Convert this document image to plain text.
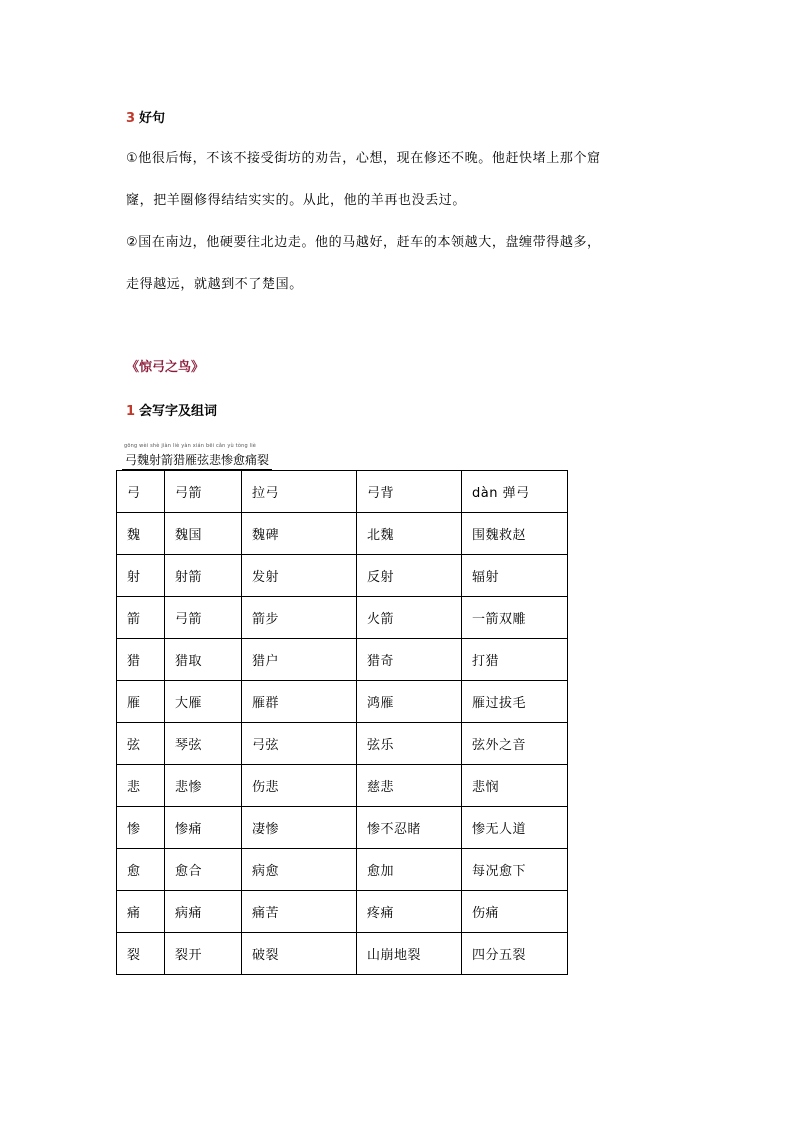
3 好句
①他很后悔，不该不接受街坊的劝告，心想，现在修还不晚。他赶快堵上那个窟
窿，把羊圈修得结结实实的。从此，他的羊再也没丢过。
②国在南边，他硬要往北边走。他的马越好，赶车的本领越大，盘缠带得越多，
走得越远，就越到不了楚国。
《惊弓之鸟》
1 会写字及组词
gōng wèi shè jiàn liè yàn xián bēi cǎn yù tòng liè
弓魏射箭猎雁弦悲惨愈痛裂
弓	弓箭	拉弓	弓背	dàn 弹弓
魏	魏国	魏碑	北魏	围魏救赵
射	射箭	发射	反射	辐射
箭	弓箭	箭步	火箭	一箭双雕
猎	猎取	猎户	猎奇	打猎
雁	大雁	雁群	鸿雁	雁过拔毛
弦	琴弦	弓弦	弦乐	弦外之音
悲	悲惨	伤悲	慈悲	悲悯
惨	惨痛	凄惨	惨不忍睹	惨无人道
愈	愈合	病愈	愈加	每况愈下
痛	病痛	痛苦	疼痛	伤痛
裂	裂开	破裂	山崩地裂	四分五裂
